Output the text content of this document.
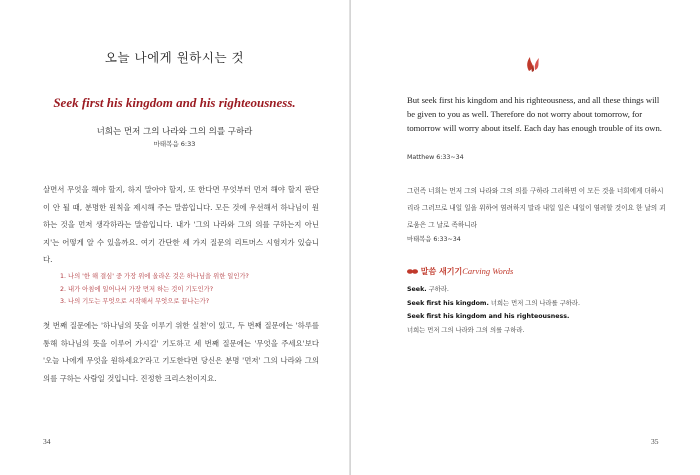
오늘 나에게 원하시는 것
Seek first his kingdom and his righteousness.
너희는 먼저 그의 나라와 그의 의를 구하라
마태복음 6:33
살면서 무엇을 해야 할지, 하지 말아야 할지, 또 한다면 무엇부터 먼저 해야 할지 판단이 안 될 때, 분명한 원칙을 제시해 주는 말씀입니다. 모든 것에 우선해서 하나님이 원하는 것을 먼저 생각하라는 말씀입니다. 내가 '그의 나라와 그의 의를 구하는지 아닌지'는 어떻게 알 수 있을까요. 여기 간단한 세 가지 질문의 리트머스 시험지가 있습니다.
1. 나의 '한 해 결심' 중 가장 위에 올라온 것은 하나님을 위한 일인가?
2. 내가 아침에 일어나서 가장 먼저 하는 것이 기도인가?
3. 나의 기도는 무엇으로 시작해서 무엇으로 끝나는가?
첫 번째 질문에는 '하나님의 뜻을 이루기 위한 실천'이 있고, 두 번째 질문에는 '하루를 통해 하나님의 뜻을 이루어 가시길' 기도하고 세 번째 질문에는 '무엇을 주세요'보다 '오늘 나에게 무엇을 원하세요?'라고 기도한다면 당신은 분명 '먼저' 그의 나라와 그의 의를 구하는 사람일 것입니다. 진정한 크리스천이지요.
34
But seek first his kingdom and his righteousness, and all these things will be given to you as well. Therefore do not worry about tomorrow, for tomorrow will worry about itself. Each day has enough trouble of its own.
Matthew 6:33~34
그런즉 너희는 먼저 그의 나라와 그의 의를 구하라 그리하면 이 모든 것을 너희에게 더하시리라 그러므로 내일 일을 위하여 염려하지 말라 내일 일은 내일이 염려할 것이요 한 날의 괴로움은 그 날로 족하니라
마태복음 6:33~34
말씀 새기기Carving Words
Seek. 구하라.
Seek first his kingdom. 너희는 먼저 그의 나라를 구하라.
Seek first his kingdom and his righteousness.
너희는 먼저 그의 나라와 그의 의를 구하라.
35
